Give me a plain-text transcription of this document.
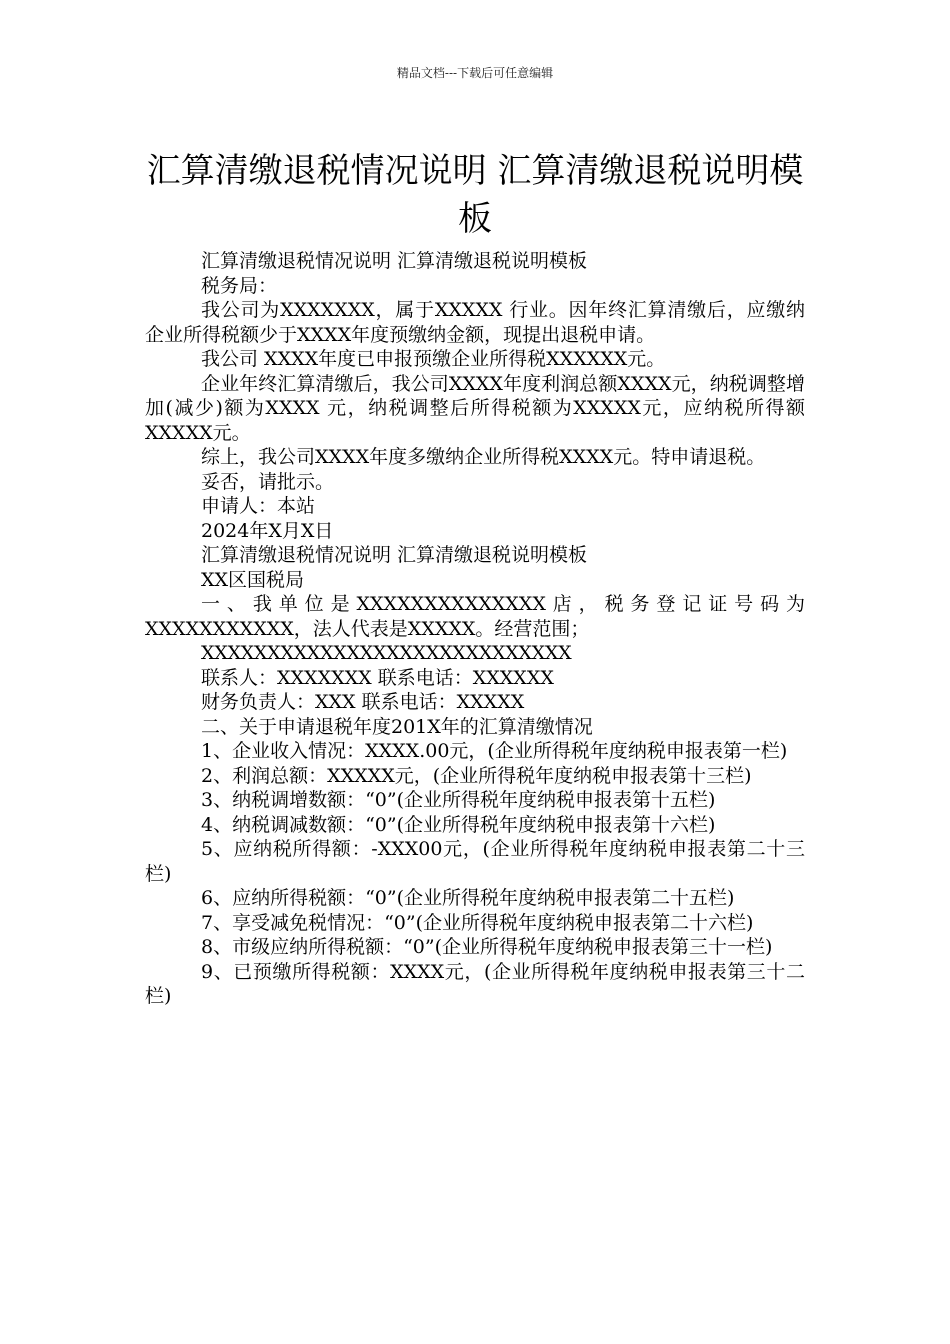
精品文档---下载后可任意编辑
汇算清缴退税情况说明 汇算清缴退税说明模板

汇算清缴退税情况说明 汇算清缴退税说明模板

税务局：

我公司为XXXXXXX，属于XXXXX 行业。因年终汇算清缴后，应缴纳企业所得税额少于XXXX年度预缴纳金额，现提出退税申请。

我公司 XXXX年度已申报预缴企业所得税XXXXXX元。

企业年终汇算清缴后，我公司XXXX年度利润总额XXXX元，纳税调整增加(减少)额为XXXX 元，纳税调整后所得税额为XXXXX元，应纳税所得额XXXXX元。

综上，我公司XXXX年度多缴纳企业所得税XXXX元。特申请退税。

妥否，请批示。

申请人：本站

2024年X月X日

汇算清缴退税情况说明 汇算清缴退税说明模板

XX区国税局

一、我单位是XXXXXXXXXXXXXX店，税务登记证号码为XXXXXXXXXXX，法人代表是XXXXX。经营范围；

XXXXXXXXXXXXXXXXXXXXXXXXXXXX

联系人：XXXXXXX 联系电话：XXXXXX

财务负责人：XXX 联系电话：XXXXX

二、关于申请退税年度201X年的汇算清缴情况

1、企业收入情况：XXXX.00元，(企业所得税年度纳税申报表第一栏)

2、利润总额：XXXXX元，(企业所得税年度纳税申报表第十三栏)

3、纳税调增数额：“0”(企业所得税年度纳税申报表第十五栏)

4、纳税调减数额：“0”(企业所得税年度纳税申报表第十六栏)

5、应纳税所得额：-XXX00元，(企业所得税年度纳税申报表第二十三栏)

6、应纳所得税额：“0”(企业所得税年度纳税申报表第二十五栏)

7、享受减免税情况：“0”(企业所得税年度纳税申报表第二十六栏)

8、市级应纳所得税额：“0”(企业所得税年度纳税申报表第三十一栏)

9、已预缴所得税额：XXXX元，(企业所得税年度纳税申报表第三十二栏)
